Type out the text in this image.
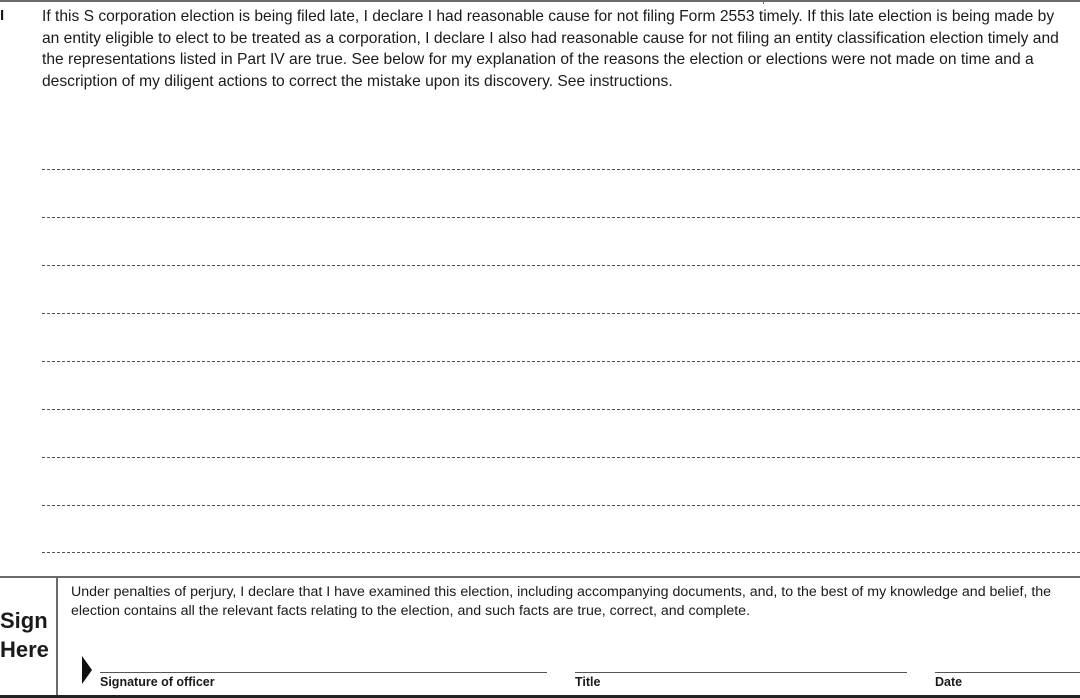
I If this S corporation election is being filed late, I declare I had reasonable cause for not filing Form 2553 timely. If this late election is being made by an entity eligible to elect to be treated as a corporation, I declare I also had reasonable cause for not filing an entity classification election timely and the representations listed in Part IV are true. See below for my explanation of the reasons the election or elections were not made on time and a description of my diligent actions to correct the mistake upon its discovery. See instructions.
Sign
Here
Under penalties of perjury, I declare that I have examined this election, including accompanying documents, and, to the best of my knowledge and belief, the election contains all the relevant facts relating to the election, and such facts are true, correct, and complete.
Signature of officer	Title	Date
